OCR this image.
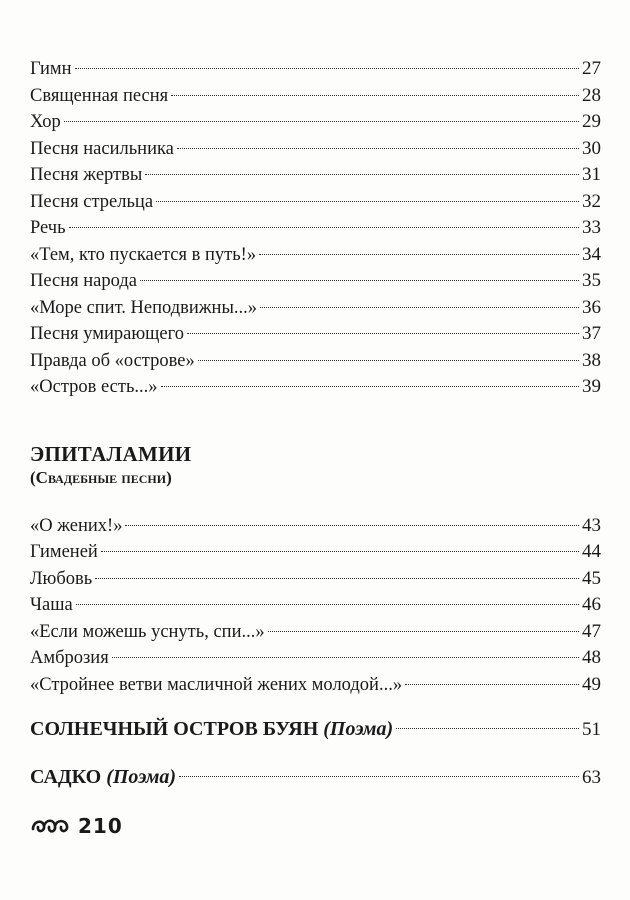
Гимн	27
Священная песня	28
Хор	29
Песня насильника	30
Песня жертвы	31
Песня стрельца	32
Речь	33
«Тем, кто пускается в путь!»	34
Песня народа	35
«Море спит. Неподвижны...»	36
Песня умирающего	37
Правда об «острове»	38
«Остров есть...»	39
ЭПИТАЛАМИИ
(Свадебные песни)
«О жених!»	43
Гименей	44
Любовь	45
Чаша	46
«Если можешь уснуть, спи...»	47
Амброзия	48
«Стройнее ветви масличной жених молодой...»	49
СОЛНЕЧНЫЙ ОСТРОВ БУЯН (Поэма)	51
САДКО (Поэма)	63
210
